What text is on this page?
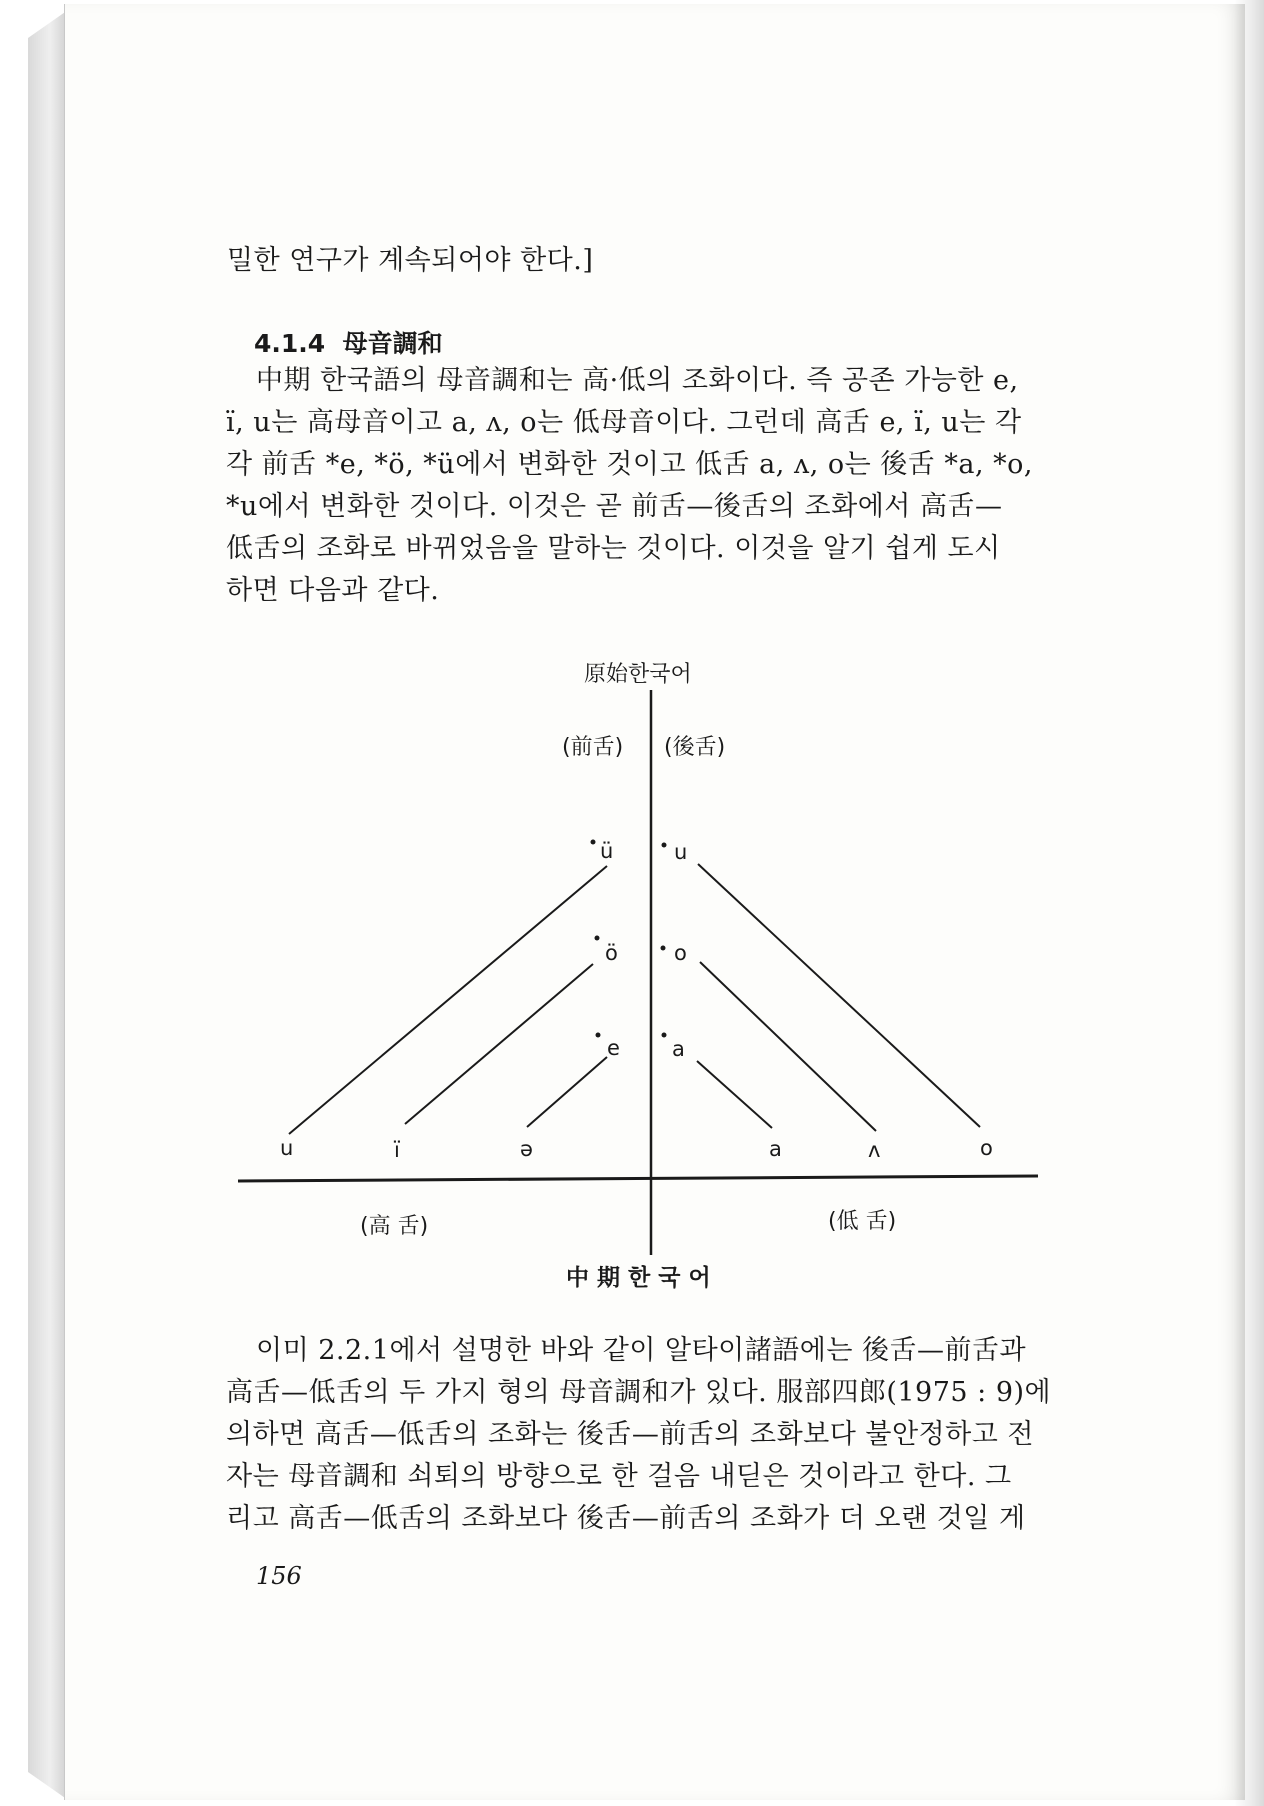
밀한 연구가 계속되어야 한다.]
4.1.4 母音調和
中期 한국語의 母音調和는 高·低의 조화이다. 즉 공존 가능한 e,
ï, u는 高母音이고 a, ʌ, o는 低母音이다. 그런데 高舌 e, ï, u는 각
각 前舌 *e, *ö, *ü에서 변화한 것이고 低舌 a, ʌ, o는 後舌 *a, *o,
*u에서 변화한 것이다. 이것은 곧 前舌—後舌의 조화에서 高舌—
低舌의 조화로 바뀌었음을 말하는 것이다. 이것을 알기 쉽게 도시
하면 다음과 같다.
原始한국어
(前舌) (後舌)
ü
ö
e
u
o
a
u	ï	ə	a	ʌ	o
(高 舌)	(低 舌)
中 期 한 국 어
이미 2.2.1에서 설명한 바와 같이 알타이諸語에는 後舌—前舌과
高舌—低舌의 두 가지 형의 母音調和가 있다. 服部四郎(1975 : 9)에
의하면 高舌—低舌의 조화는 後舌—前舌의 조화보다 불안정하고 전
자는 母音調和 쇠퇴의 방향으로 한 걸음 내딛은 것이라고 한다. 그
리고 高舌—低舌의 조화보다 後舌—前舌의 조화가 더 오랜 것일 게
156
